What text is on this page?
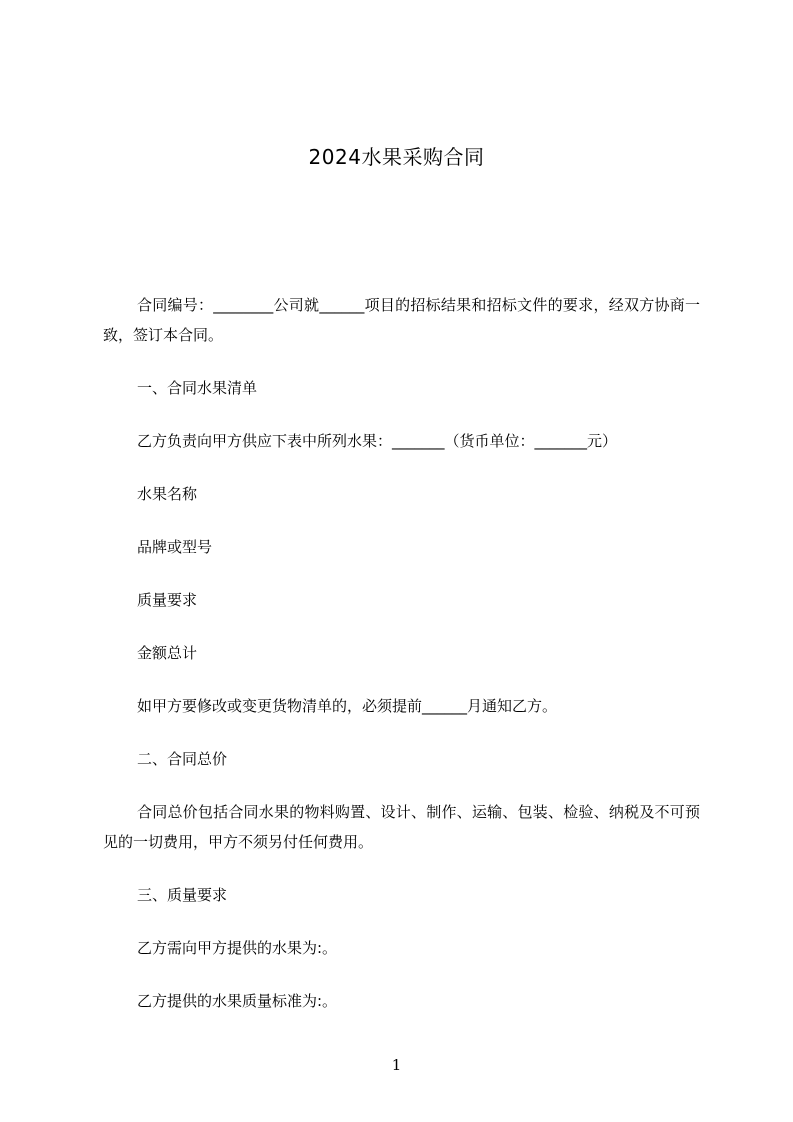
2024水果采购合同

合同编号：________公司就______项目的招标结果和招标文件的要求，经双方协商一致，签订本合同。

一、合同水果清单

乙方负责向甲方供应下表中所列水果：_______（货币单位：_______元）

水果名称

品牌或型号

质量要求

金额总计

如甲方要修改或变更货物清单的，必须提前______月通知乙方。

二、合同总价

合同总价包括合同水果的物料购置、设计、制作、运输、包装、检验、纳税及不可预见的一切费用，甲方不须另付任何费用。

三、质量要求

乙方需向甲方提供的水果为:。

乙方提供的水果质量标准为:。

1
